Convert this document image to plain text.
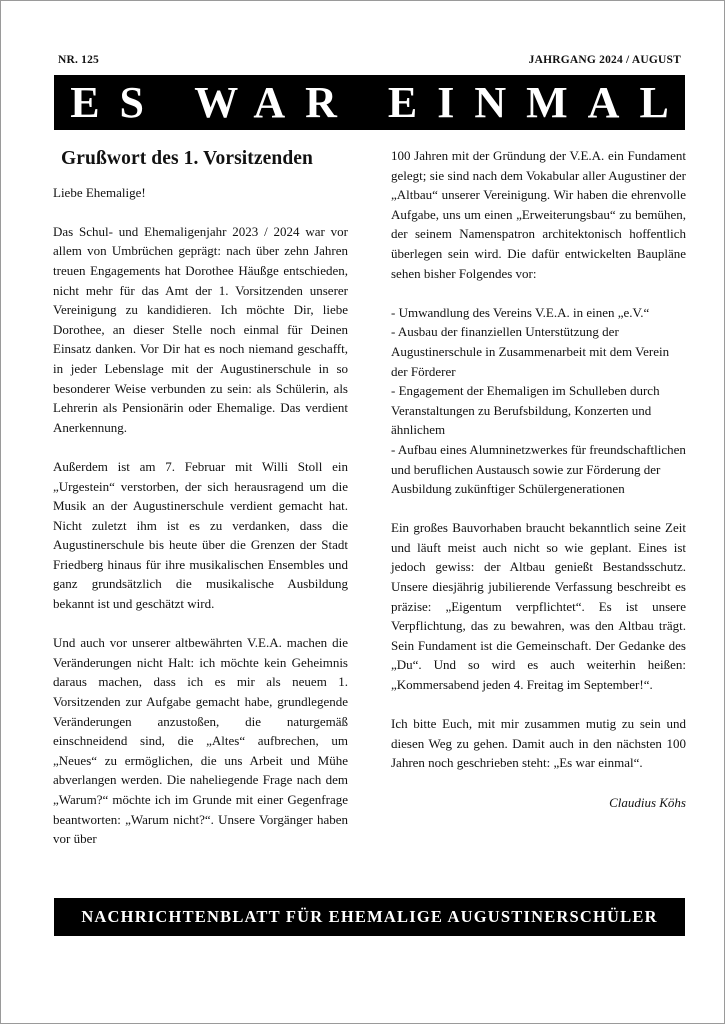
NR. 125	JAHRGANG 2024 / AUGUST
ES WAR EINMAL
Grußwort des 1. Vorsitzenden

Liebe Ehemalige!

Das Schul- und Ehemaligenjahr 2023 / 2024 war vor allem von Umbrüchen geprägt: nach über zehn Jahren treuen Engagements hat Dorothee Häußge entschieden, nicht mehr für das Amt der 1. Vorsitzenden unserer Vereinigung zu kandidieren. Ich möchte Dir, liebe Dorothee, an dieser Stelle noch einmal für Deinen Einsatz danken. Vor Dir hat es noch niemand geschafft, in jeder Lebenslage mit der Augustinerschule in so besonderer Weise verbunden zu sein: als Schülerin, als Lehrerin als Pensionärin oder Ehemalige. Das verdient Anerkennung.

Außerdem ist am 7. Februar mit Willi Stoll ein „Urgestein“ verstorben, der sich herausragend um die Musik an der Augustinerschule verdient gemacht hat. Nicht zuletzt ihm ist es zu verdanken, dass die Augustinerschule bis heute über die Grenzen der Stadt Friedberg hinaus für ihre musikalischen Ensembles und ganz grundsätzlich die musikalische Ausbildung bekannt ist und geschätzt wird.

Und auch vor unserer altbewährten V.E.A. machen die Veränderungen nicht Halt: ich möchte kein Geheimnis daraus machen, dass ich es mir als neuem 1. Vorsitzenden zur Aufgabe gemacht habe, grundlegende Veränderungen anzustoßen, die naturgemäß einschneidend sind, die „Altes“ aufbrechen, um „Neues“ zu ermöglichen, die uns Arbeit und Mühe abverlangen werden. Die naheliegende Frage nach dem „Warum?“ möchte ich im Grunde mit einer Gegenfrage beantworten: „Warum nicht?“. Unsere Vorgänger haben vor über

100 Jahren mit der Gründung der V.E.A. ein Fundament gelegt; sie sind nach dem Vokabular aller Augustiner der „Altbau“ unserer Vereinigung. Wir haben die ehrenvolle Aufgabe, uns um einen „Erweiterungsbau“ zu bemühen, der seinem Namenspatron architektonisch hoffentlich überlegen sein wird. Die dafür entwickelten Baupläne sehen bisher Folgendes vor:

- Umwandlung des Vereins V.E.A. in einen „e.V.“
- Ausbau der finanziellen Unterstützung der Augustinerschule in Zusammenarbeit mit dem Verein der Förderer
- Engagement der Ehemaligen im Schulleben durch Veranstaltungen zu Berufsbildung, Konzerten und ähnlichem
- Aufbau eines Alumninetzwerkes für freundschaftlichen und beruflichen Austausch sowie zur Förderung der Ausbildung zukünftiger Schülergenerationen

Ein großes Bauvorhaben braucht bekanntlich seine Zeit und läuft meist auch nicht so wie geplant. Eines ist jedoch gewiss: der Altbau genießt Bestandsschutz. Unsere diesjährig jubilierende Verfassung beschreibt es präzise: „Eigentum verpflichtet“. Es ist unsere Verpflichtung, das zu bewahren, was den Altbau trägt. Sein Fundament ist die Gemeinschaft. Der Gedanke des „Du“. Und so wird es auch weiterhin heißen: „Kommersabend jeden 4. Freitag im September!“.

Ich bitte Euch, mit mir zusammen mutig zu sein und diesen Weg zu gehen. Damit auch in den nächsten 100 Jahren noch geschrieben steht: „Es war einmal“.

Claudius Köhs

NACHRICHTENBLATT FÜR EHEMALIGE AUGUSTINERSCHÜLER
